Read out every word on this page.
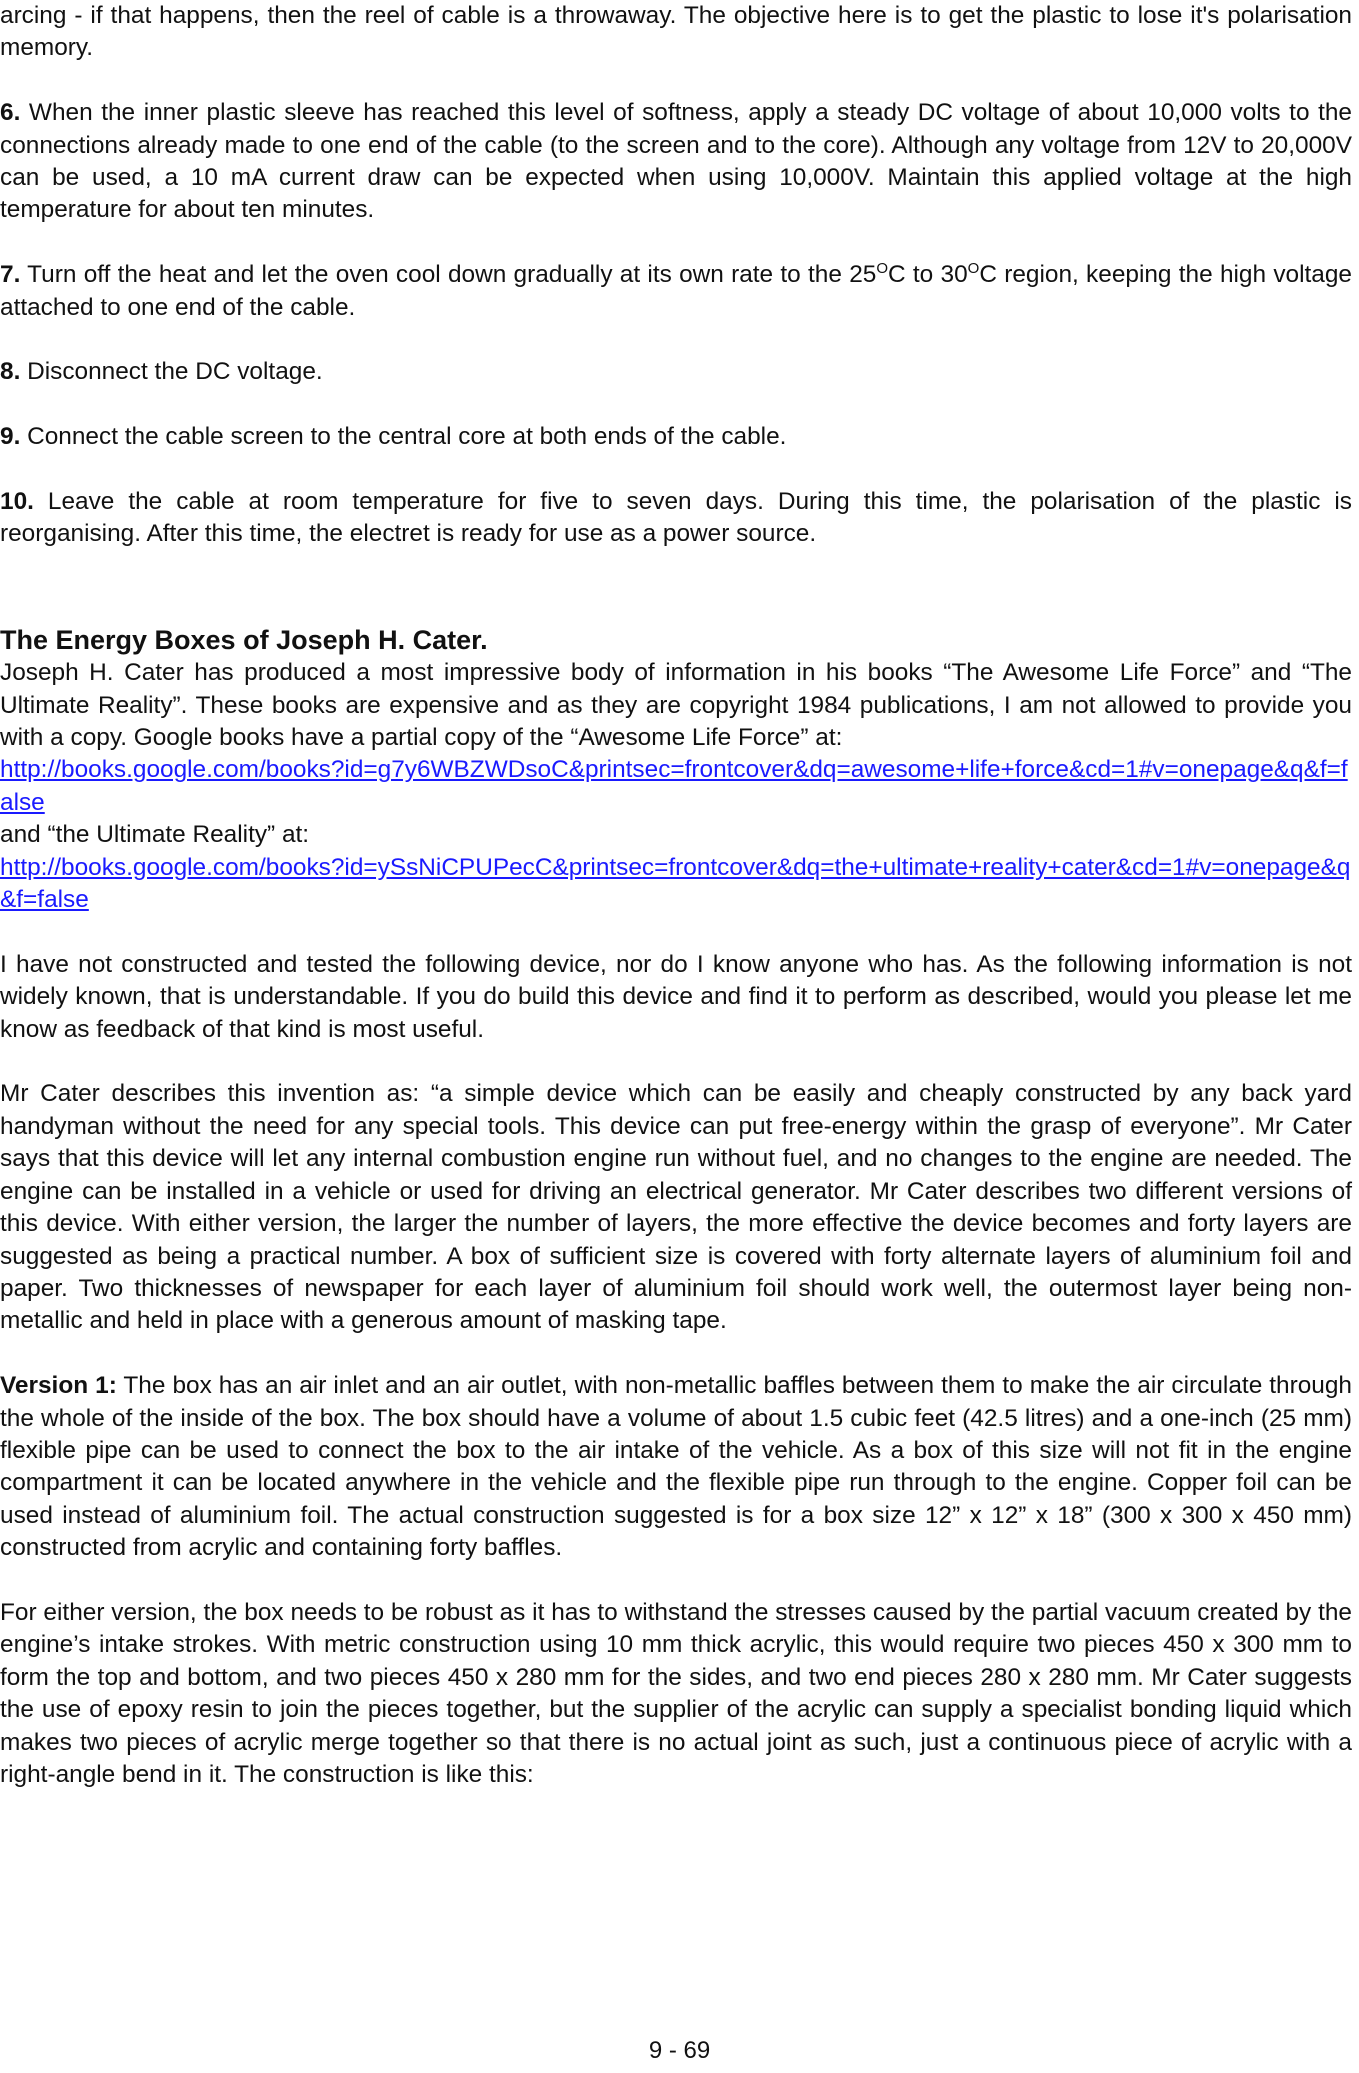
arcing - if that happens, then the reel of cable is a throwaway. The objective here is to get the plastic to lose it's polarisation memory.

6. When the inner plastic sleeve has reached this level of softness, apply a steady DC voltage of about 10,000 volts to the connections already made to one end of the cable (to the screen and to the core). Although any voltage from 12V to 20,000V can be used, a 10 mA current draw can be expected when using 10,000V. Maintain this applied voltage at the high temperature for about ten minutes.

7. Turn off the heat and let the oven cool down gradually at its own rate to the $25^OC$ to $30^OC$ region, keeping the high voltage attached to one end of the cable.

8. Disconnect the DC voltage.

9. Connect the cable screen to the central core at both ends of the cable.

10. Leave the cable at room temperature for five to seven days. During this time, the polarisation of the plastic is reorganising. After this time, the electret is ready for use as a power source.

The Energy Boxes of Joseph H. Cater.

Joseph H. Cater has produced a most impressive body of information in his books “The Awesome Life Force” and “The Ultimate Reality”. These books are expensive and as they are copyright 1984 publications, I am not allowed to provide you with a copy. Google books have a partial copy of the “Awesome Life Force” at:

http://books.google.com/books?id=g7y6WBZWDsoC&printsec=frontcover&dq=awesome+life+force&cd=1#v=onepage&q&f=false

and “the Ultimate Reality” at:

http://books.google.com/books?id=ySsNiCPUPecC&printsec=frontcover&dq=the+ultimate+reality+cater&cd=1#v=onepage&q&f=false

I have not constructed and tested the following device, nor do I know anyone who has. As the following information is not widely known, that is understandable. If you do build this device and find it to perform as described, would you please let me know as feedback of that kind is most useful.

Mr Cater describes this invention as: “a simple device which can be easily and cheaply constructed by any back yard handyman without the need for any special tools. This device can put free-energy within the grasp of everyone”. Mr Cater says that this device will let any internal combustion engine run without fuel, and no changes to the engine are needed. The engine can be installed in a vehicle or used for driving an electrical generator. Mr Cater describes two different versions of this device. With either version, the larger the number of layers, the more effective the device becomes and forty layers are suggested as being a practical number. A box of sufficient size is covered with forty alternate layers of aluminium foil and paper. Two thicknesses of newspaper for each layer of aluminium foil should work well, the outermost layer being non-metallic and held in place with a generous amount of masking tape.

Version 1: The box has an air inlet and an air outlet, with non-metallic baffles between them to make the air circulate through the whole of the inside of the box. The box should have a volume of about 1.5 cubic feet (42.5 litres) and a one-inch (25 mm) flexible pipe can be used to connect the box to the air intake of the vehicle. As a box of this size will not fit in the engine compartment it can be located anywhere in the vehicle and the flexible pipe run through to the engine. Copper foil can be used instead of aluminium foil. The actual construction suggested is for a box size 12” x 12” x 18” (300 x 300 x 450 mm) constructed from acrylic and containing forty baffles.

For either version, the box needs to be robust as it has to withstand the stresses caused by the partial vacuum created by the engine’s intake strokes. With metric construction using 10 mm thick acrylic, this would require two pieces 450 x 300 mm to form the top and bottom, and two pieces 450 x 280 mm for the sides, and two end pieces 280 x 280 mm. Mr Cater suggests the use of epoxy resin to join the pieces together, but the supplier of the acrylic can supply a specialist bonding liquid which makes two pieces of acrylic merge together so that there is no actual joint as such, just a continuous piece of acrylic with a right-angle bend in it. The construction is like this:

9 - 69
